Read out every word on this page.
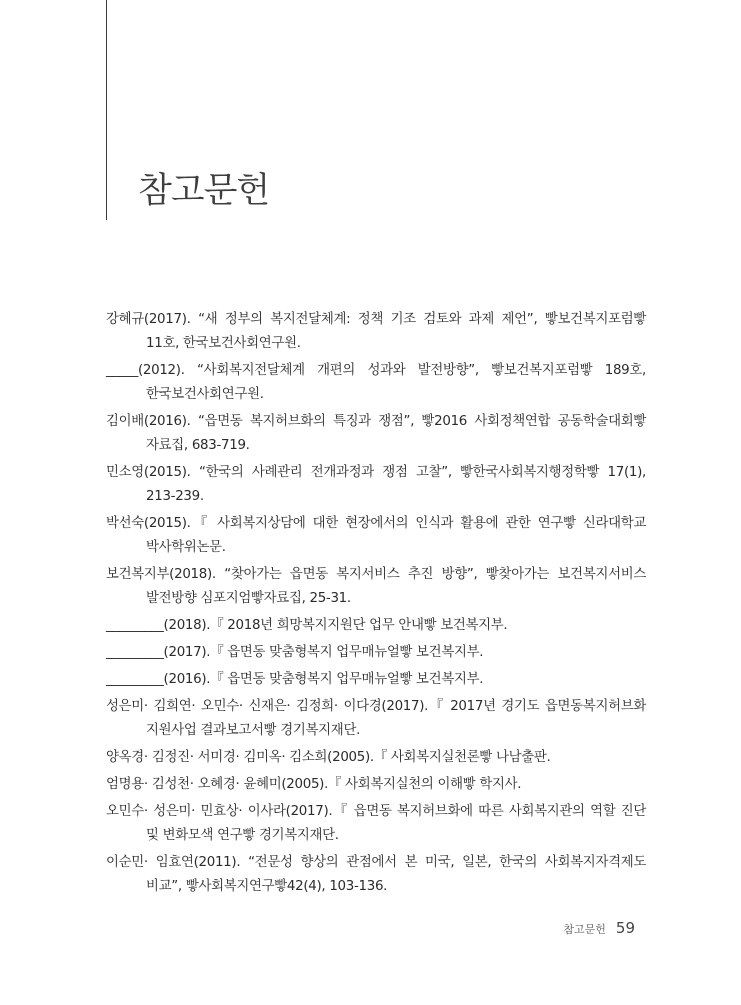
참고문헌
강혜규(2017). “새 정부의 복지전달체계: 정책 기조 검토와 과제 제언”, 빻보건복지포럼빻 11호, 한국보건사회연구원.
_____(2012). “사회복지전달체계 개편의 성과와 발전방향”, 빻보건복지포럼빻 189호, 한국보건사회연구원.
김이배(2016). “읍면동 복지허브화의 특징과 쟁점”, 빻2016 사회정책연합 공동학술대회빻 자료집, 683-719.
민소영(2015). “한국의 사례관리 전개과정과 쟁점 고찰”, 빻한국사회복지행정학빻 17(1), 213-239.
박선숙(2015).『 사회복지상담에 대한 현장에서의 인식과 활용에 관한 연구빻 신라대학교 박사학위논문.
보건복지부(2018). “찾아가는 읍면동 복지서비스 추진 방향”, 빻찾아가는 보건복지서비스 발전방향 심포지엄빻자료집, 25-31.
_________(2018).『 2018년 희망복지지원단 업무 안내빻 보건복지부.
_________(2017).『 읍면동 맞춤형복지 업무매뉴얼빻 보건복지부.
_________(2016).『 읍면동 맞춤형복지 업무매뉴얼빻 보건복지부.
성은미· 김희연· 오민수· 신재은· 김정희· 이다경(2017).『 2017년 경기도 읍면동복지허브화 지원사업 결과보고서빻 경기복지재단.
양옥경· 김정진· 서미경· 김미옥· 김소희(2005).『 사회복지실천론빻 나남출판.
엄명용· 김성천· 오혜경· 윤혜미(2005).『 사회복지실천의 이해빻 학지사.
오민수· 성은미· 민효상· 이사라(2017).『 읍면동 복지허브화에 따른 사회복지관의 역할 진단 및 변화모색 연구빻 경기복지재단.
이순민· 임효연(2011). “전문성 향상의 관점에서 본 미국, 일본, 한국의 사회복지자격제도 비교”, 빻사회복지연구빻42(4), 103-136.
참고문헌 59
